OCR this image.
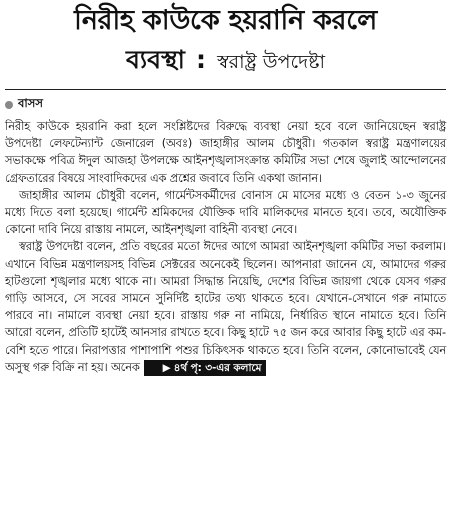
নিরীহ কাউকে হয়রানি করলে
ব্যবস্থা : স্বরাষ্ট্র উপদেষ্টা
বাসস

নিরীহ কাউকে হয়রানি করা হলে সংশ্লিষ্টদের বিরুদ্ধে ব্যবস্থা নেয়া হবে বলে জানিয়েছেন স্বরাষ্ট্র উপদেষ্টা লেফটেন্যান্ট জেনারেল (অবঃ) জাহাঙ্গীর আলম চৌধুরী। গতকাল স্বরাষ্ট্র মন্ত্রণালয়ের সভাকক্ষে পবিত্র ঈদুল আজহা উপলক্ষে আইনশৃঙ্খলাসংক্রান্ত কমিটির সভা শেষে জুলাই আন্দোলনের গ্রেফতারের বিষয়ে সাংবাদিকদের এক প্রশ্নের জবাবে তিনি একথা জানান।

জাহাঙ্গীর আলম চৌধুরী বলেন, গার্মেন্টসকর্মীদের বোনাস মে মাসের মধ্যে ও বেতন ১-৩ জুনের মধ্যে দিতে বলা হয়েছে। গার্মেন্ট শ্রমিকদের যৌক্তিক দাবি মালিকদের মানতে হবে। তবে, অযৌক্তিক কোনো দাবি নিয়ে রাস্তায় নামলে, আইনশৃঙ্খলা বাহিনী ব্যবস্থা নেবে।

স্বরাষ্ট্র উপদেষ্টা বলেন, প্রতি বছরের মতো ঈদের আগে আমরা আইনশৃঙ্খলা কমিটির সভা করলাম। এখানে বিভিন্ন মন্ত্রণালয়সহ বিভিন্ন সেক্টরের অনেকেই ছিলেন। আপনারা জানেন যে, আমাদের গরুর হাটগুলো শৃঙ্খলার মধ্যে থাকে না। আমরা সিদ্ধান্ত নিয়েছি, দেশের বিভিন্ন জায়গা থেকে যেসব গরুর গাড়ি আসবে, সে সবের সামনে সুনির্দিষ্ট হাটের তথ্য থাকতে হবে। যেখানে-সেখানে গরু নামাতে পারবে না। নামালে ব্যবস্থা নেয়া হবে। রাস্তায় গরু না নামিয়ে, নির্ধারিত স্থানে নামাতে হবে। তিনি আরো বলেন, প্রতিটি হাটেই আনসার রাখতে হবে। কিছু হাটে ৭৫ জন করে আবার কিছু হাটে এর কম-বেশি হতে পারে। নিরাপত্তার পাশাপাশি পশুর চিকিৎসক থাকতে হবে। তিনি বলেন, কোনোভাবেই যেন অসুস্থ গরু বিক্রি না হয়। অনেক ▶ ৪র্থ পৃ: ৩-এর কলামে
